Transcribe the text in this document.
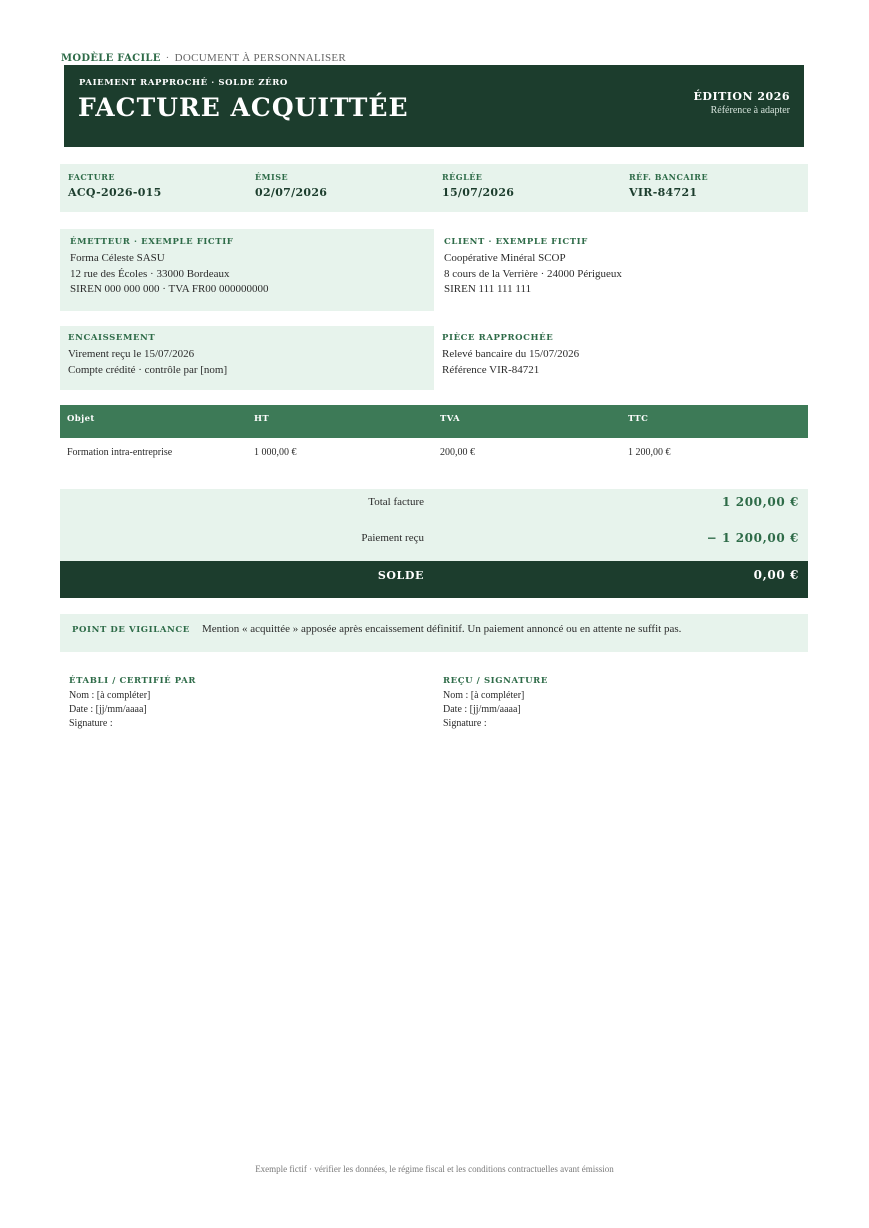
MODÈLE FACILE · DOCUMENT À PERSONNALISER
PAIEMENT RAPPROCHÉ · SOLDE ZÉRO
FACTURE ACQUITTÉE	ÉDITION 2026
Référence à adapter
FACTURE
ACQ-2026-015
ÉMISE
02/07/2026
RÉGLÉE
15/07/2026
RÉF. BANCAIRE
VIR-84721
ÉMETTEUR · EXEMPLE FICTIF
Forma Céleste SASU
12 rue des Écoles · 33000 Bordeaux
SIREN 000 000 000 · TVA FR00 000000000
CLIENT · EXEMPLE FICTIF
Coopérative Minéral SCOP
8 cours de la Verrière · 24000 Périgueux
SIREN 111 111 111
ENCAISSEMENT
Virement reçu le 15/07/2026
Compte crédité · contrôle par [nom]
PIÈCE RAPPROCHÉE
Relevé bancaire du 15/07/2026
Référence VIR-84721
Objet	HT	TVA	TTC
Formation intra-entreprise	1 000,00 €	200,00 €	1 200,00 €
Total facture	1 200,00 €
Paiement reçu	− 1 200,00 €
SOLDE	0,00 €
POINT DE VIGILANCE Mention « acquittée » apposée après encaissement définitif. Un paiement annoncé ou en attente ne suffit pas.
ÉTABLI / CERTIFIÉ PAR
Nom : [à compléter]
Date : [jj/mm/aaaa]
Signature :
REÇU / SIGNATURE
Nom : [à compléter]
Date : [jj/mm/aaaa]
Signature :
Exemple fictif · vérifier les données, le régime fiscal et les conditions contractuelles avant émission
